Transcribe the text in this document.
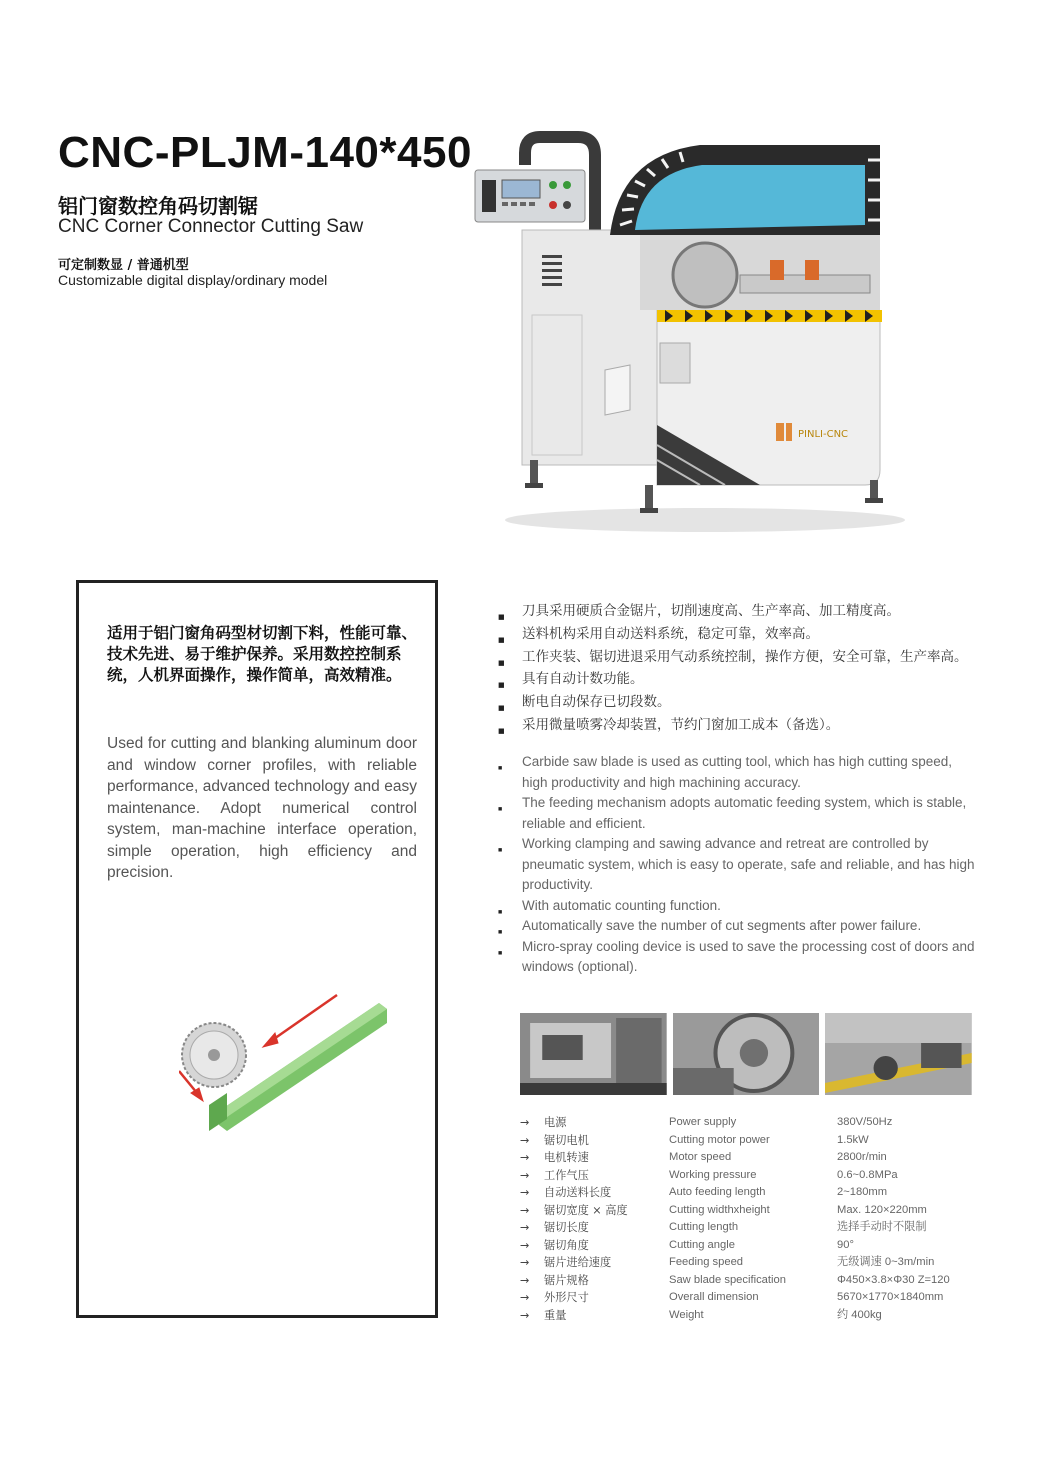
CNC-PLJM-140*450
铝门窗数控角码切割锯
CNC Corner Connector Cutting Saw
可定制数显 / 普通机型
Customizable digital display/ordinary model
PINLI-CNC
适用于铝门窗角码型材切割下料，性能可靠、技术先进、易于维护保养。采用数控控制系统，人机界面操作，操作简单，高效精准。
Used for cutting and blanking aluminum door and window corner profiles, with reliable performance, advanced technology and easy maintenance. Adopt numerical control system, man-machine interface operation, simple operation, high efficiency and precision.
■ 刀具采用硬质合金锯片，切削速度高、生产率高、加工精度高。
■ 送料机构采用自动送料系统，稳定可靠，效率高。
■ 工作夹装、锯切进退采用气动系统控制，操作方便，安全可靠，生产率高。
■ 具有自动计数功能。
■ 断电自动保存已切段数。
■ 采用微量喷雾冷却装置，节约门窗加工成本（备选）。
■ Carbide saw blade is used as cutting tool, which has high cutting speed, high productivity and high machining accuracy.
■ The feeding mechanism adopts automatic feeding system, which is stable, reliable and efficient.
■ Working clamping and sawing advance and retreat are controlled by pneumatic system, which is easy to operate, safe and reliable, and has high productivity.
■ With automatic counting function.
■ Automatically save the number of cut segments after power failure.
■ Micro-spray cooling device is used to save the processing cost of doors and windows (optional).
→	电源	Power supply	380V/50Hz
→	锯切电机	Cutting motor power	1.5kW
→	电机转速	Motor speed	2800r/min
→	工作气压	Working pressure	0.6~0.8MPa
→	自动送料长度	Auto feeding length	2~180mm
→	锯切宽度 × 高度	Cutting widthxheight	Max. 120×220mm
→	锯切长度	Cutting length	选择手动时不限制
→	锯切角度	Cutting angle	90°
→	锯片进给速度	Feeding speed	无级调速 0~3m/min
→	锯片规格	Saw blade specification	Φ450×3.8×Φ30 Z=120
→	外形尺寸	Overall dimension	5670×1770×1840mm
→	重量	Weight	约 400kg
